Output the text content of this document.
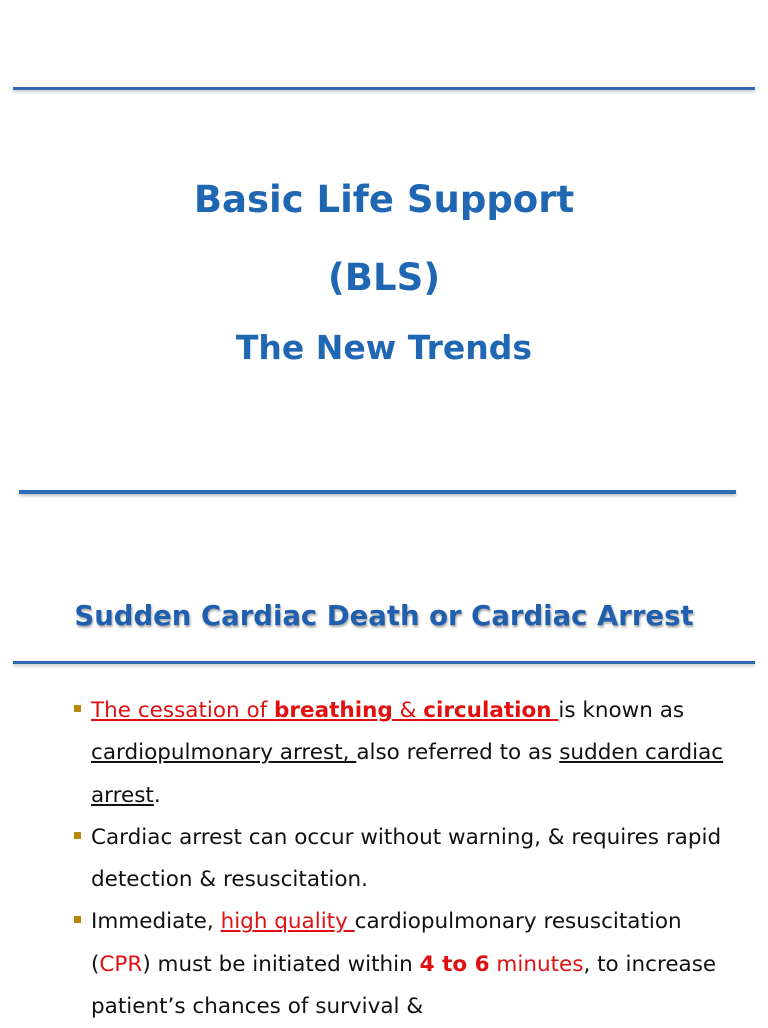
Basic Life Support
(BLS)
The New Trends
Sudden Cardiac Death or Cardiac Arrest
The cessation of breathing & circulation is known as cardiopulmonary arrest, also referred to as sudden cardiac arrest.
Cardiac arrest can occur without warning, & requires rapid detection & resuscitation.
Immediate, high quality cardiopulmonary resuscitation (CPR) must be initiated within 4 to 6 minutes, to increase patient’s chances of survival &
